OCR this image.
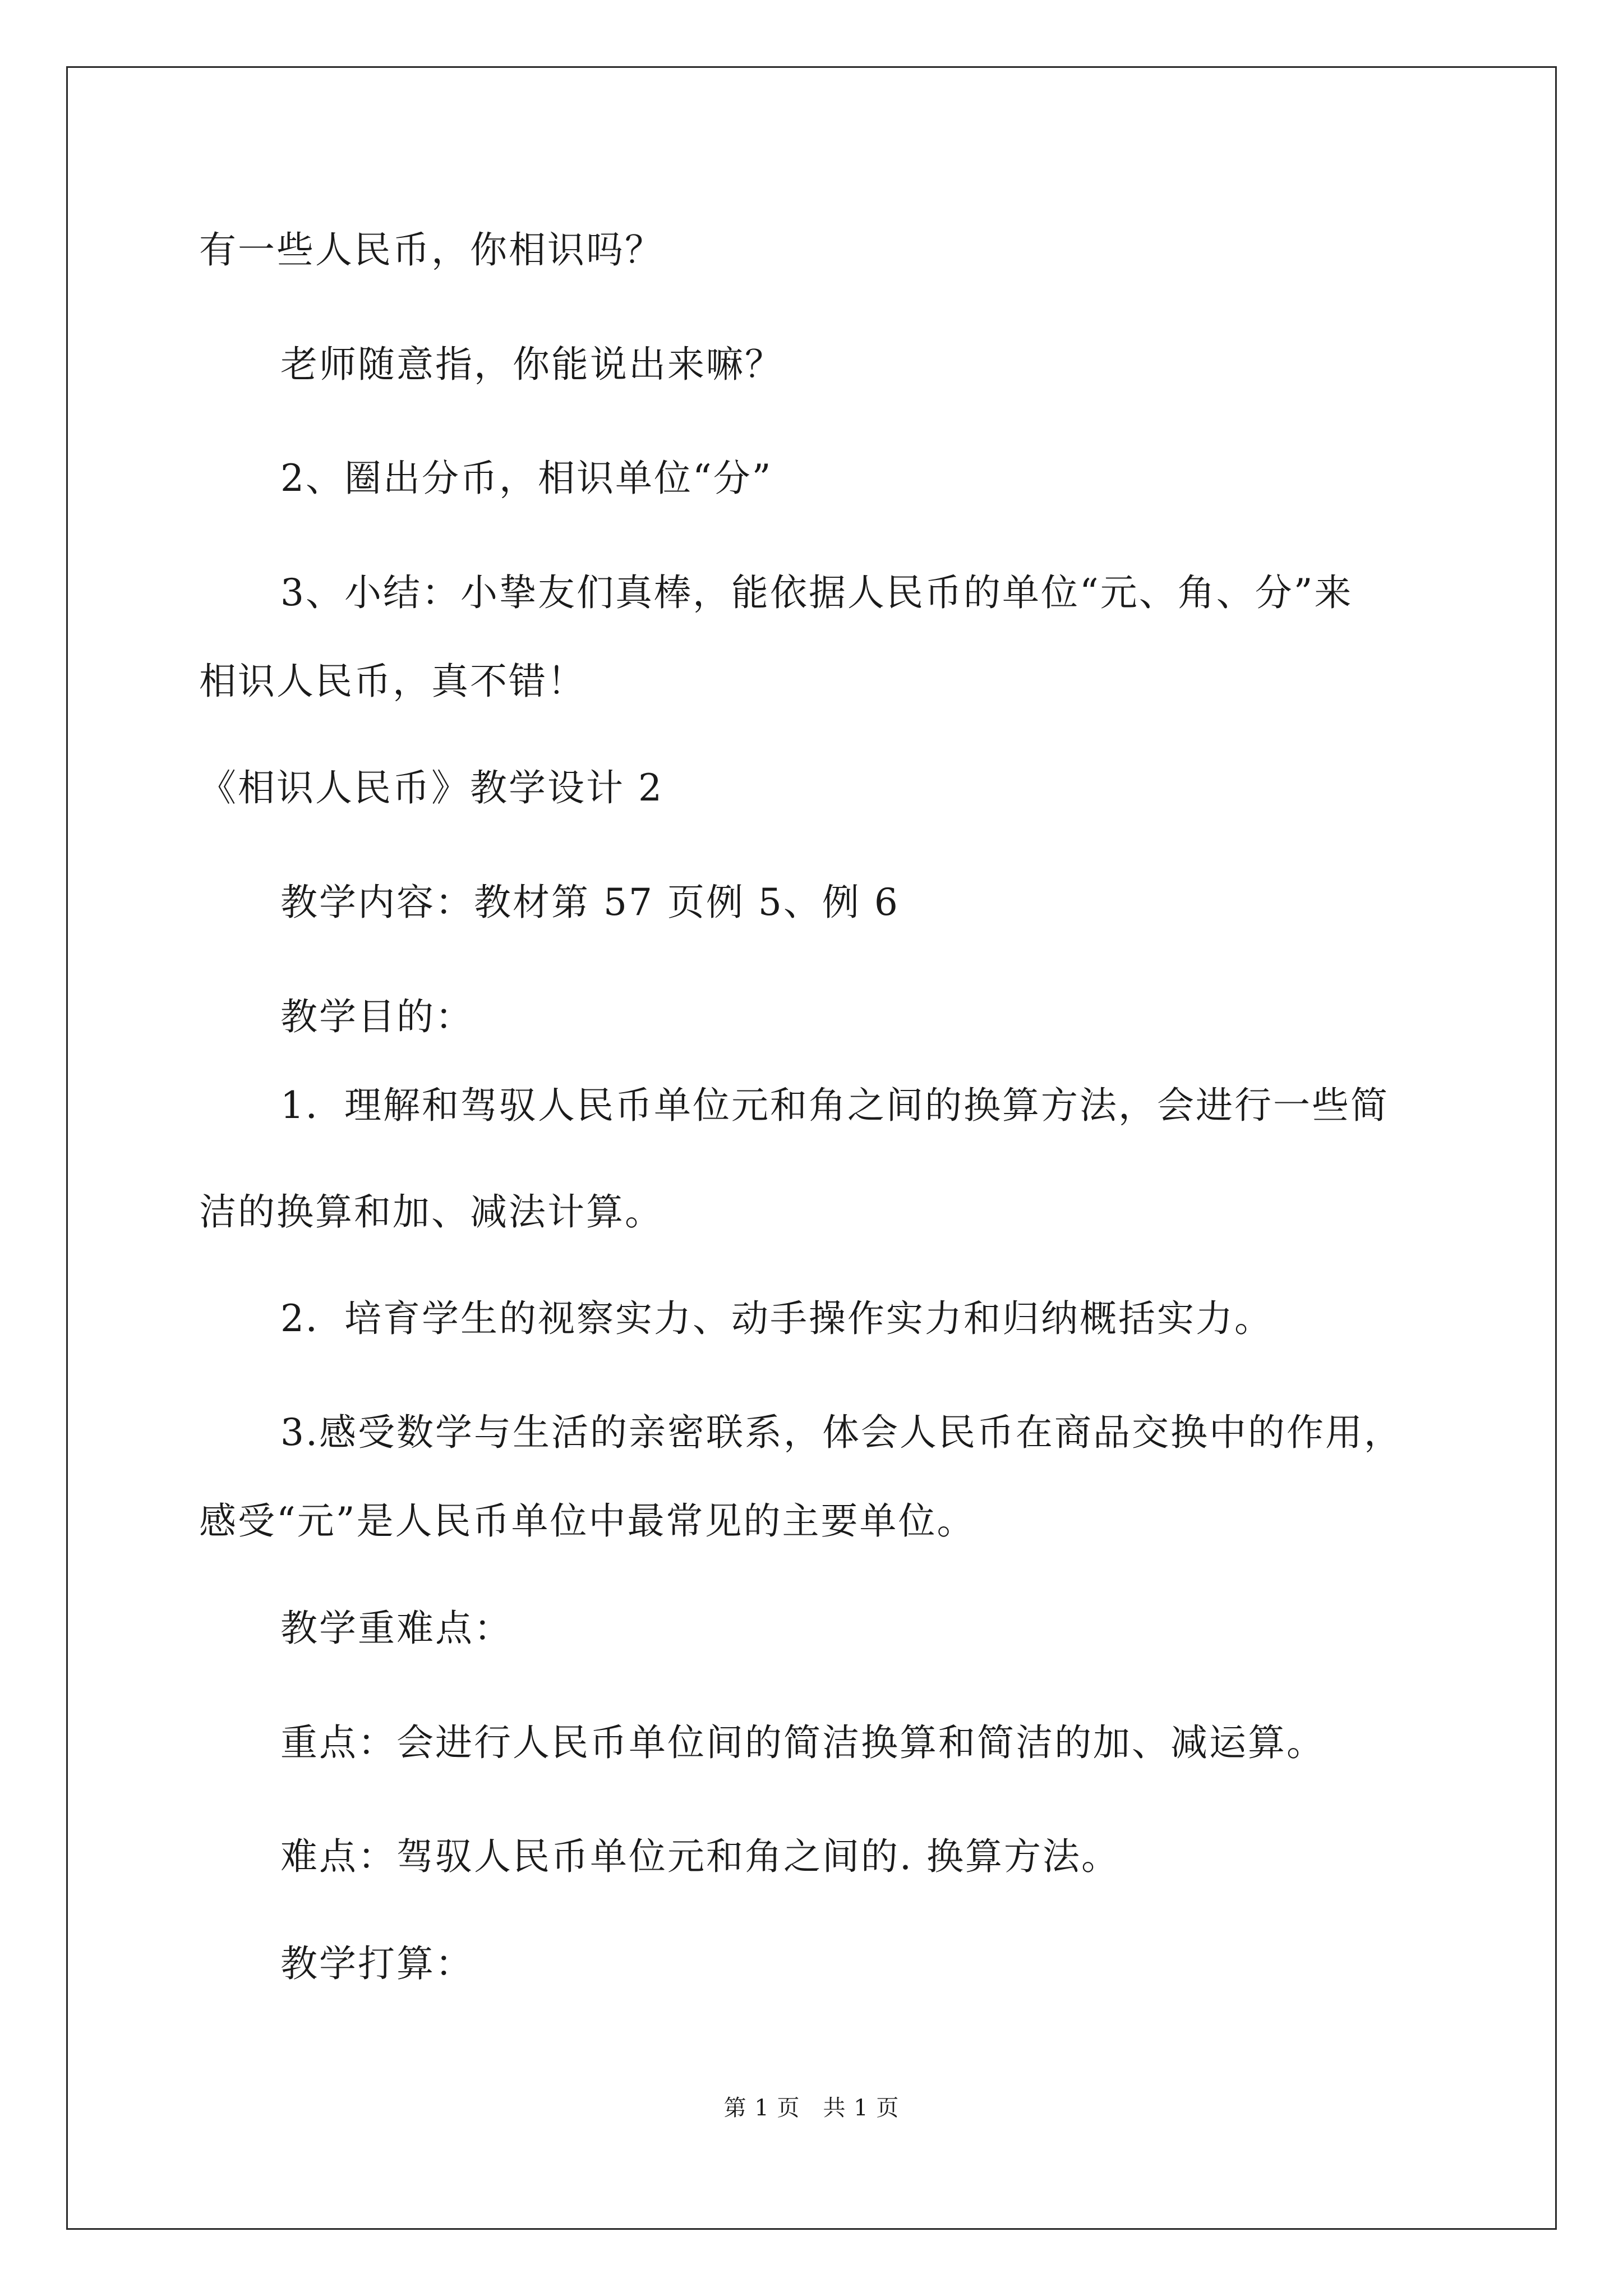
有一些人民币，你相识吗？
老师随意指，你能说出来嘛？
2、圈出分币，相识单位“分”
3、小结：小挚友们真棒，能依据人民币的单位“元、角、分”来
相识人民币，真不错！
《相识人民币》教学设计 2
教学内容：教材第 57 页例 5、例 6
教学目的：
1．理解和驾驭人民币单位元和角之间的换算方法，会进行一些简
洁的换算和加、减法计算。
2．培育学生的视察实力、动手操作实力和归纳概括实力。
3.感受数学与生活的亲密联系，体会人民币在商品交换中的作用，
感受“元”是人民币单位中最常见的主要单位。
教学重难点：
重点：会进行人民币单位间的简洁换算和简洁的加、减运算。
难点：驾驭人民币单位元和角之间的. 换算方法。
教学打算：
第 1 页　共 1 页
